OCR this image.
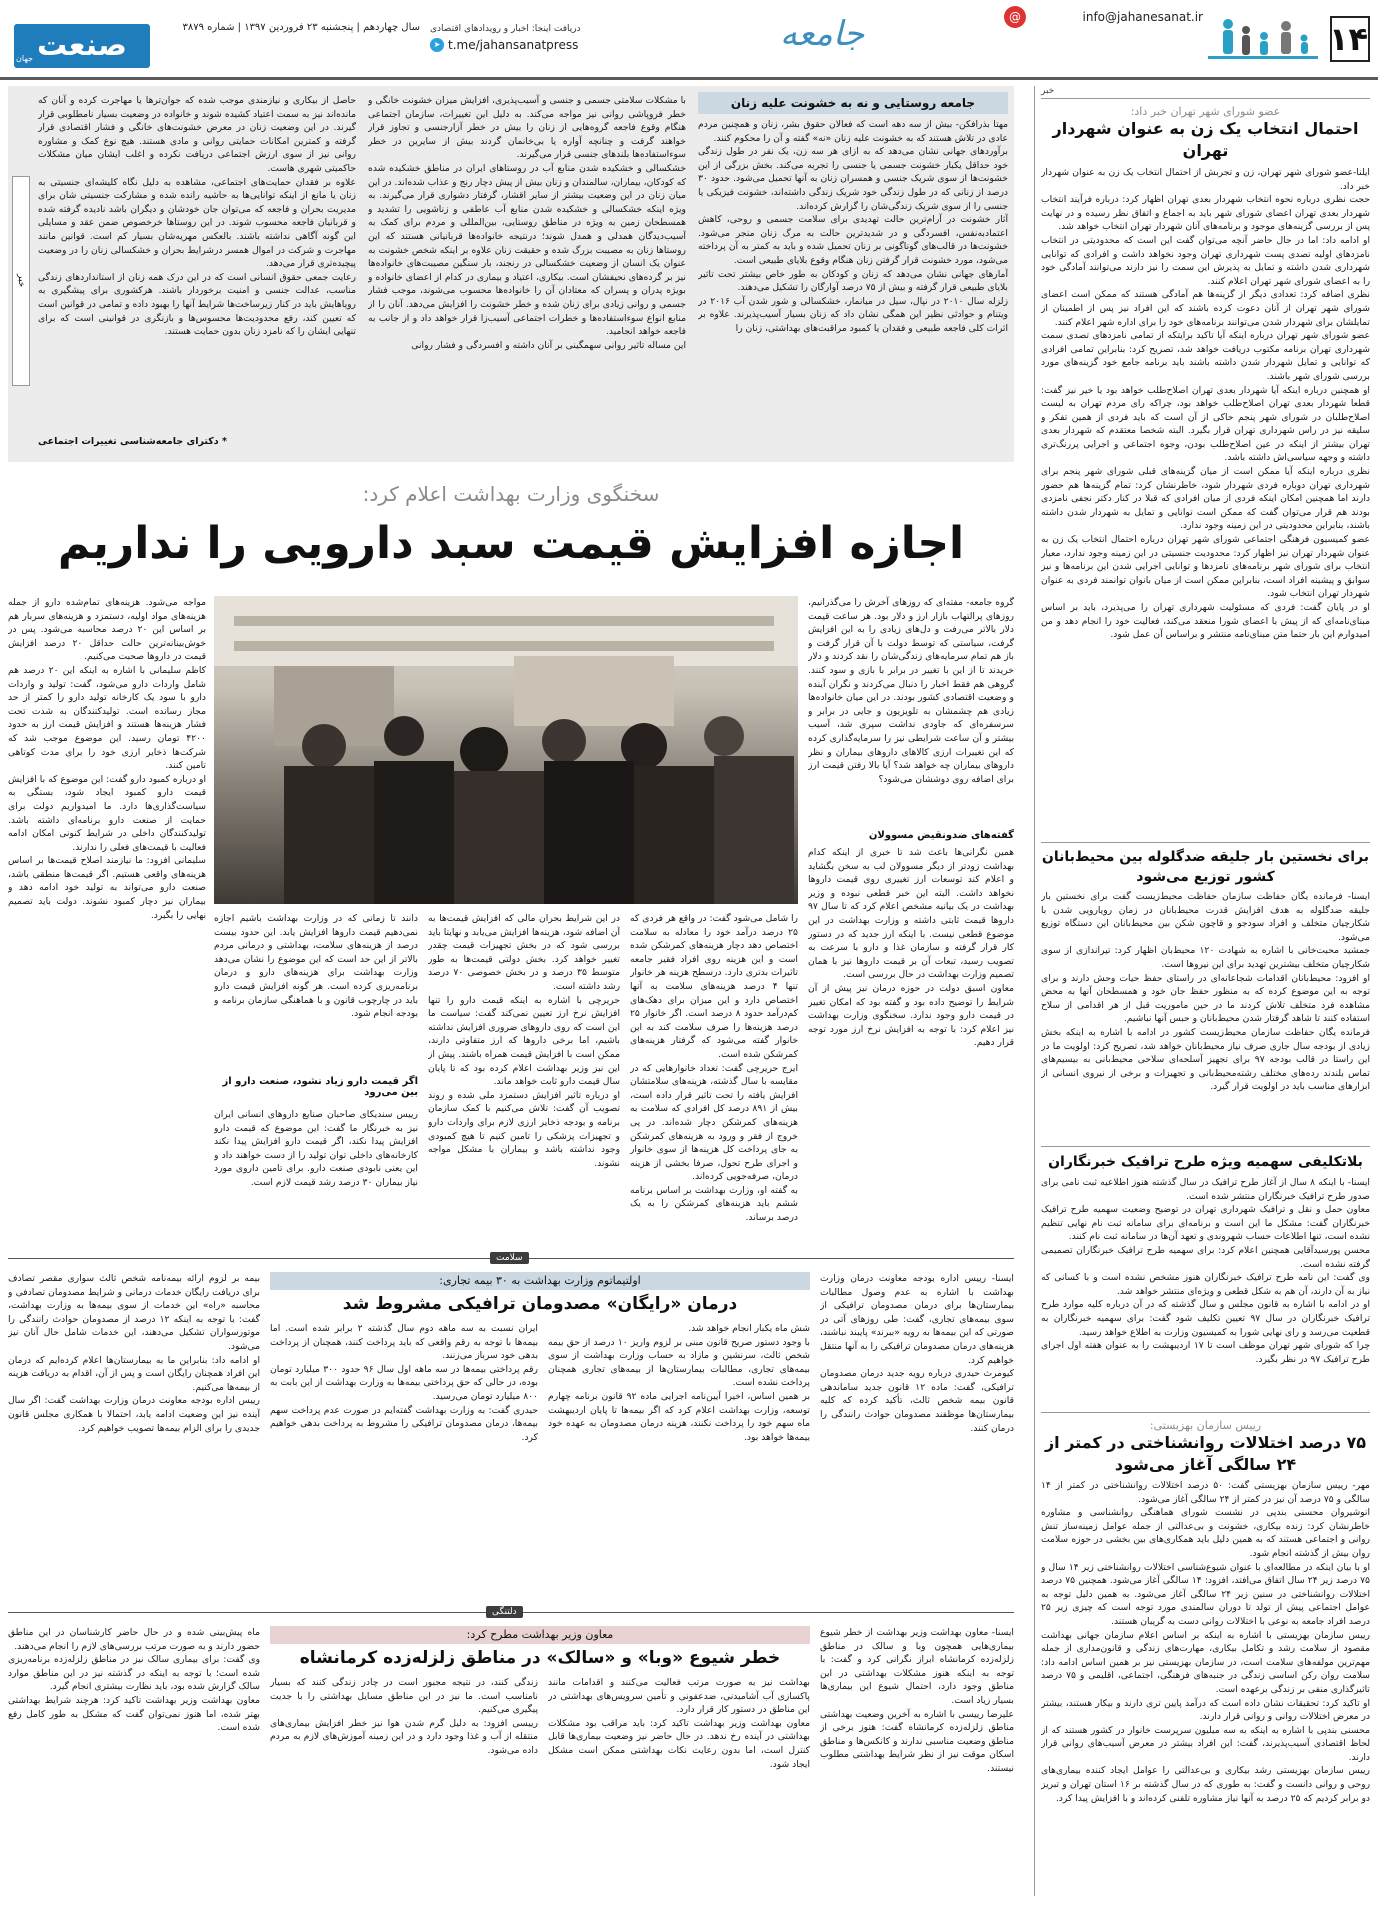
۱۴
info@jahanesanat.ir
@
جامعه
دریافت اینجا: اخبار و رویدادهای اقتصادی
t.me/jahansanatpress
➤
سال چهاردهم | پنجشنبه ۲۳ فروردین ۱۳۹۷ | شماره ۳۸۷۹
صنعت
جهان
خبر
عضو شورای شهر تهران خبر داد:
احتمال انتخاب یک زن به عنوان شهردار تهران
ایلنا-عضو شورای شهر تهران، زن و تجربش از احتمال انتخاب یک زن به عنوان شهردار خبر داد.
حجت نظری درباره نحوه انتخاب شهردار بعدی تهران اظهار کرد: درباره فرآیند انتخاب شهردار بعدی تهران اعضای شورای شهر باید به اجماع و اتفاق نظر رسیده و در نهایت پس از بررسی گزینه‌های موجود و برنامه‌های آنان شهردار تهران انتخاب خواهد شد.
او ادامه داد: اما در حال حاضر آنچه می‌توان گفت این است که محدودیتی در انتخاب نامزدهای اولیه تصدی پست شهرداری تهران وجود نخواهد داشت و افرادی که توانایی شهرداری شدن داشته و تمایل به پذیرش این سمت را نیز دارند می‌توانند آمادگی خود را به اعضای شورای شهر تهران اعلام کنند.
نظری اضافه کرد: تعدادی دیگر از گزینه‌ها هم آمادگی هستند که ممکن است اعضای شورای شهر تهران از آنان دعوت کرده باشند که این افراد نیز پس از اطمینان از تمایلشان برای شهردار شدن می‌توانند برنامه‌های خود را برای اداره شهر اعلام کنند.
عضو شورای شهر تهران درباره اینکه آیا تاکید برایتکه از تمامی نامزدهای تصدی سمت شهرداری تهران برنامه مکتوب دریافت خواهد شد، تصریح کرد: بنابراین تمامی افرادی که توانایی و تمایل شهردار شدن داشته باشند باید برنامه جامع خود گزینه‌های مورد بررسی شورای شهر باشند.
او همچنین درباره اینکه آیا شهردار بعدی تهران اصلاح‌طلب خواهد بود یا خیر نیز گفت: قطعا شهردار بعدی تهران اصلاح‌طلب خواهد بود، چراکه رای مردم تهران به لیست اصلاح‌طلبان در شورای شهر پنجم حاکی از آن است که باید فردی از همین تفکر و سلیقه نیز در راس شهرداری تهران قرار بگیرد. البته شخصا معتقدم که شهردار بعدی تهران بیشتر از اینکه در عین اصلاح‌طلب بودن، وجوه اجتماعی و اجرایی پررنگ‌تری داشته و وجهه سیاسی‌اش داشته باشد.
نظری درباره اینکه آیا ممکن است از میان گزینه‌های قبلی شورای شهر پنجم برای شهرداری تهران دوباره فردی شهردار شود، خاطرنشان کرد: تمام گزینه‌ها هم حضور دارند اما همچنین امکان اینکه فردی از میان افرادی که قبلا در کنار دکتر نجفی نامزدی بودند هم قرار می‌توان گفت که ممکن است توانایی و تمایل به شهردار شدن داشته باشند، بنابراین محدودیتی در این زمینه وجود ندارد.
عضو کمیسیون فرهنگی اجتماعی شورای شهر تهران درباره احتمال انتخاب یک زن به عنوان شهردار تهران نیز اظهار کرد: محدودیت جنسیتی در این زمینه وجود ندارد، معیار انتخاب برای شورای شهر برنامه‌های نامزدها و توانایی اجرایی شدن این برنامه‌ها و نیز سوابق و پیشینه افراد است، بنابراین ممکن است از میان بانوان توانمند فردی به عنوان شهردار تهران انتخاب شود.
او در پایان گفت: فردی که مسئولیت شهرداری تهران را می‌پذیرد، باید بر اساس مبنای‌نامه‌ای که از پیش با اعضای شورا منعقد می‌کند، فعالیت خود را انجام دهد و من امیدوارم این بار حتما متن مبنای‌نامه منتشر و براساس آن عمل شود.
برای نخستین بار جلیقه ضدگلوله بین محیط‌بانان کشور توزیع می‌شود
ایسنا- فرمانده یگان حفاظت سازمان حفاظت محیط‌زیست گفت برای نخستین بار جلیقه ضدگلوله به هدف افزایش قدرت محیط‌بانان در زمان رویارویی شدن با شکارچیان متخلف و افراد سودجو و قاچون شکن بین محیط‌بانان این دستگاه توزیع می‌شود.
جمشید محبت‌خانی با اشاره به شهادت ۱۲۰ محیط‌بان اظهار کرد: تیراندازی از سوی شکارچیان متخلف بیشترین تهدید برای این نیروها است.
او افزود: محیط‌بانان اقدامات شجاعانه‌ای در راستای حفظ حیات وحش دارند و برای توجه به این موضوع کرده که به منظور حفظ جان خود و همسطحان آنها به محض مشاهده فرد متخلف تلاش کردند ما در حین ماموریت قبل از هر اقدامی از سلاح استفاده کنند تا شاهد گرفتار شدن محیط‌بانان و حبس آنها نباشیم.
فرمانده یگان حفاظت سازمان محیط‌زیست کشور در ادامه با اشاره به اینکه بخش زیادی از بودجه سال جاری صرف نیاز محیط‌بانان خواهد شد، تصریح کرد: اولویت ما در این راستا در قالب بودجه ۹۷ برای تجهیز آسلحه‌ای سلاحی محیط‌بانی به بیسیم‌های تماس بلندند رده‌های مختلف رشته‌محیط‌بانی و تجهیزات و برخی از نیروی انسانی از ابزارهای مناسب باید در اولویت قرار گیرد.
بلاتکلیفی سهمیه ویژه طرح ترافیک خبرنگاران
ایسنا- با اینکه ۸ سال از آغاز طرح ترافیک در سال گذشته هنوز اطلاعیه ثبت نامی برای صدور طرح ترافیک خبرنگاران منتشر شده است.
معاون حمل و نقل و ترافیک شهرداری تهران در توضیح وضعیت سهمیه طرح ترافیک خبرنگاران گفت: مشکل ما این است و برنامه‌ای برای سامانه ثبت نام نهایی تنظیم نشده است، تنها اطلاعات حساب شهروندی و تعهد آن‌ها در سامانه ثبت نام کنند.
محسن پورسیدآقایی همچنین اعلام کرد: برای سهمیه طرح ترافیک خبرنگاران تصمیمی گرفته نشده است.
وی گفت: این نامه طرح ترافیک خبرنگاران هنوز مشخص نشده است و با کسانی که نیاز به آن دارند، آن هم به شکل قطعی و ویژه‌ای منتشر خواهد شد.
او در ادامه با اشاره به قانون مجلس و سال گذشته که در آن درباره کلیه موارد طرح ترافیک خبرنگاران در سال ۹۷ تعیین تکلیف شود گفت: برای سهمیه خبرنگاران به قطعیت می‌رسد و رای نهایی شورا به کمیسیون وزارت به اطلاع خواهد رسید.
چرا که شورای شهر تهران موظف است تا ۱۷ اردیبهشت را به عنوان هفته اول اجرای طرح ترافیک ۹۷ در نظر بگیرد.
رییس سازمان بهزیستی:
۷۵ درصد اختلالات روانشناختی در کمتر از ۲۴ سالگی آغاز می‌شود
مهر- رییس سازمان بهزیستی گفت: ۵۰ درصد اختلالات روانشناختی در کمتر از ۱۴ سالگی و ۷۵ درصد آن نیز در کمتر از ۲۴ سالگی آغاز می‌شود.
انوشیروان محسنی بندپی در نشست شورای هماهنگی روانشناسی و مشاوره خاطرنشان کرد: زنده بیکاری، خشونت و بی‌عدالتی از جمله عوامل زمینه‌ساز تنش روانی و اجتماعی هستند که به همین دلیل باید همکاری‌های بین بخشی در حوزه سلامت روان بیش از گذشته انجام شود.
او با بیان اینکه در مطالعه‌ای با عنوان شیوع‌شناسی اختلالات روانشناختی زیر ۱۴ سال و ۷۵ درصد زیر ۲۴ سال اتفاق می‌افتد، افزود: ۱۴ سالگی آغاز می‌شود. همچنین ۷۵ درصد اختلالات روانشناختی در سنین زیر ۲۴ سالگی آغاز می‌شود. به همین دلیل توجه به عوامل اجتماعی پیش از تولد تا دوران سالمندی مورد توجه است که چیزی زیر ۲۵ درصد افراد جامعه به نوعی با اختلالات روانی دست به گریبان هستند.
رییس سازمان بهزیستی با اشاره به اینکه بر اساس اعلام سازمان جهانی بهداشت مقصود از سلامت رشد و تکامل بیکاری، مهارت‌های زندگی و قانون‌مداری از جمله مهم‌ترین مولفه‌های سلامت است، در سازمان بهزیستی نیز بر همین اساس ادامه داد: سلامت روان رکن اساسی زندگی در جنبه‌های فرهنگی، اجتماعی، اقلیمی و ۷۵ درصد تاثیرگذاری منفی بر زندگی برعهده است.
او تاکید کرد: تحقیقات نشان داده است که درآمد پایین تری دارند و بیکار هستند، بیشتر در معرض اختلالات روانی و روانی قرار دارند.
محسنی بندپی با اشاره به اینکه به سه میلیون سرپرست خانوار در کشور هستند که از لحاظ اقتصادی آسیب‌پذیرند، گفت: این افراد بیشتر در معرض آسیب‌های روانی قرار دارند.
رییس سازمان بهزیستی رشد بیکاری و بی‌عدالتی را عوامل ایجاد کننده بیماری‌های روحی و روانی دانست و گفت: به طوری که در سال گذشته بر ۱۶ استان تهران و تبریز دو برابر کردیم که ۲۵ درصد به آنها نیاز مشاوره تلفنی کرده‌اند و با افزایش پیدا کرد.
جامعه روستایی و نه به خشونت علیه زنان
مهتا بذرافکن- بیش از سه دهه است که فعالان حقوق بشر، زنان و همچنین مردم عادی در تلاش هستند که به خشونت علیه زنان «نه» گفته و آن را محکوم کنند.
برآوردهای جهانی نشان می‌دهد که به ازای هر سه زن، یک نفر در طول زندگی خود حداقل یکبار خشونت جسمی یا جنسی را تجربه می‌کند. بخش بزرگی از این خشونت‌ها از سوی شریک جنسی و همسران زنان به آنها تحمیل می‌شود. حدود ۳۰ درصد از زنانی که در طول زندگی خود شریک زندگی داشته‌اند، خشونت فیزیکی یا جنسی را از سوی شریک زندگی‌شان را گزارش کرده‌اند.
آثار خشونت در آرام‌ترین حالت تهدیدی برای سلامت جسمی و روحی، کاهش اعتمادبه‌نفس، افسردگی و در شدیدترین حالت به مرگ زنان منجر می‌شود. خشونت‌ها در قالب‌های گوناگونی بر زنان تحمیل شده و باید به کمتر به آن پرداخته می‌شود، مورد خشونت قرار گرفتن زنان هنگام وقوع بلایای طبیعی است.
آمارهای جهانی نشان می‌دهد که زنان و کودکان به طور خاص بیشتر تحت تاثیر بلایای طبیعی قرار گرفته و بیش از ۷۵ درصد آوارگان را تشکیل می‌دهند.
زلزله سال ۲۰۱۰ در نپال، سیل در میانمار، خشکسالی و شور شدن آب ۲۰۱۶ در ویتنام و حوادثی نظیر این همگی نشان داد که زنان بسیار آسیب‌پذیرند. علاوه بر اثرات کلی فاجعه طبیعی و فقدان یا کمبود مراقبت‌های بهداشتی، زنان را
با مشکلات سلامتی جسمی و جنسی و آسیب‌پذیری، افزایش میزان خشونت خانگی و خطر فروپاشی روانی نیز مواجه می‌کند. به دلیل این تغییرات، سازمان اجتماعی هنگام وقوع فاجعه گروه‌هایی از زنان را بیش در خطر آزارجنسی و تجاوز قرار خواهند گرفت و چنانچه آواره یا بی‌خانمان گردند بیش از سایرین در خطر سوءاستفاده‌ها بلندهای جنسی قرار می‌گیرند.
خشکسالی و خشکیده شدن منابع آب در روستاهای ایران در مناطق خشکیده شده که کودکان، بیماران، سالمندان و زنان بیش از پیش دچار رنج و عذاب شده‌اند. در این میان زنان در این وضعیت بیشتر از سایر اقشار، گرفتار دشواری قرار می‌گیرند. به ویژه اینکه خشکسالی و خشکیده شدن منابع آب عاطفی و زناشویی را تشدید و همسطحان زمین به ویژه در مناطق روستایی، بین‌المللی و مردم برای کمک به آسیب‌دیدگان همدلی و همدل شوند؛ درنتیجه خانواده‌ها قربانیانی هستند که این روستاها زنان به مصیبت بزرگ شده و حقیقت زنان علاوه بر اینکه شخص خشونت به عنوان یک انسان از وضعیت خشکسالی در رنجند، بار سنگین مصیبت‌های خانواده‌ها نیز بر گرده‌های نحیفشان است. بیکاری، اعتیاد و بیماری در کدام از اعضای خانواده و بویژه پدران و پسران که معتادان آن را خانواده‌ها محسوب می‌شوند، موجب فشار جسمی و روانی زیادی برای زنان شده و خطر خشونت را افزایش می‌دهد. آنان را از منابع انواع سوءاستفاده‌ها و خطرات اجتماعی آسیب‌زا قرار خواهد داد و از جانب به فاجعه خواهد انجامید.
این مساله تاثیر روانی سهمگینی بر آنان داشته و افسردگی و فشار روانی
حاصل از بیکاری و نیازمندی موجب شده که جوان‌ترها یا مهاجرت کرده و آنان که مانده‌اند نیز به سمت اعتیاد کشیده شوند و خانواده در وضعیت بسیار نامطلوبی قرار گیرند. در این وضعیت زنان در معرض خشونت‌های خانگی و فشار اقتصادی قرار گرفته و کمترین امکانات حمایتی روانی و مادی هستند. هیچ نوع کمک و مشاوره روانی نیز از سوی ارزش اجتماعی دریافت نکرده و اغلب ایشان میان مشکلات حاکمیتی شهری هاست.
علاوه بر فقدان حمایت‌های اجتماعی، مشاهده به دلیل نگاه کلیشه‌ای جنسیتی به زنان یا مانع از اینکه توانایی‌ها به حاشیه رانده شده و مشارکت جنسیتی شان برای مدیریت بحران و فاجعه که می‌توان جان خودشان و دیگران باشد نادیده گرفته شده و قربانیان فاجعه محسوب شوند. در این روستاها خرخصوص ضمن عقد و مسایلی این گونه آگاهی نداشته باشند. بالعکس مهریه‌شان بسیار کم است. قوانین مانند مهاجرت و شرکت در اموال همسر درشرایط بحران و خشکسالی زنان را در وضعیت پیچیده‌تری قرار می‌دهد.
رعایت جمعی حقوق انسانی است که در این درک همه زنان از استانداردهای زندگی مناسب، عدالت جنسی و امنیت برخوردار باشند. هرکشوری برای پیشگیری به رویاهایش باید در کنار زیرساخت‌ها شرایط آنها را بهبود داده و تمامی در قوانین است که تعیین کند، رفع محدودیت‌ها محسوس‌ها و بازنگری در قوانینی است که برای تنهایی ایشان را که نامزد زنان بدون حمایت هستند.
* دکترای جامعه‌شناسی تغییرات اجتماعی
خبر
سخنگوی وزارت بهداشت اعلام کرد:
اجازه افزایش قیمت سبد دارویی را نداریم
گروه جامعه- مفته‌ای که روزهای آخرش را می‌گذرانیم، روزهای پرالتهاب بازار ارز و دلار بود. هر ساعت قیمت دلار بالاتر می‌رفت و دل‌های زیادی را به این افزایش گرفت، سیاستی که توسط دولت با آن قرار گرفت و باز هم تمام سرمایه‌های زندگی‌شان را نقد کردند و دلار خریدند تا از این با تغییر در برابر با بازی و سود کنند. گروهی هم فقط اخبار را دنبال می‌کردند و نگران آینده و وضعیت اقتصادی کشور بودند. در این میان خانواده‌ها زیادی هم چشمشان به تلویزیون و جایی در برابر و سرسفره‌ای که جاودی نداشت سپری شد، آسیب بیشتر و آن ساعت شرایطی نیز را سرمایه‌گذاری کرده که این تغییرات ارزی کالاهای داروهای بیماران و نظر داروهای بیماران چه خواهد شد؟ آیا بالا رفتن قیمت ارز برای اضافه روی دوششان می‌شود؟
گفته‌های ضدونقیض مسوولان
همین نگرانی‌ها باعث شد تا خبری از اینکه کدام بهداشت زودتر از دیگر مسوولان لب به سخن بگشاید و اعلام کند توسعات ارز تغییری روی قیمت داروها نخواهد داشت. البته این خبر قطعی نبوده و وزیر بهداشت در یک بیانیه مشخص اعلام کرد که تا سال ۹۷ داروها قیمت ثابتی داشته و وزارت بهداشت در این موضوع قطعی نیست. با اینکه ارز جدید که در دستور کار قرار گرفته و سازمان غذا و دارو با سرعت به تصویب رسید، تبعات آن بر قیمت داروها نیز با همان تصمیم وزارت بهداشت در حال بررسی است.
معاون اسبق دولت در حوزه درمان نیز پیش از آن شرایط را توضیح داده بود و گفته بود که امکان تغییر در قیمت دارو وجود ندارد. سخنگوی وزارت بهداشت نیز اعلام کرد: با توجه به افزایش نرخ ارز مورد توجه قرار دهیم.
را شامل می‌شود گفت: در واقع هر فردی که ۲۵ درصد درآمد خود را معادله به سلامت اختصاص دهد دچار هزینه‌های کمرشکن شده است و این هزینه روی افراد فقیر جامعه تاثیرات بدتری دارد. درسطح هزینه هر خانوار تنها ۴ درصد هزینه‌های سلامت به آنها اختصاص دارد و این میزان برای دهک‌های کم‌درآمد حدود ۸ درصد است. اگر خانوار ۲۵ درصد هزینه‌ها را صرف سلامت کند به این خانوار گفته می‌شود که گرفتار هزینه‌های کمرشکن شده است.
ایرج حریرچی گفت: تعداد خانوارهایی که در مقایسه با سال گذشته، هزینه‌های سلامتشان افزایش یافته را تحت تاثیر قرار داده است، بیش از ۸۹۱ درصد کل افرادی که سلامت به هزینه‌های کمرشکن دچار شده‌اند. در پی خروج از فقر و ورود به هزینه‌های کمرشکن به جای پرداخت کل هزینه‌ها از سوی خانوار و اجرای طرح تحول، صرفا بخشی از هزینه درمان، صرفه‌جویی کرده‌اند.
به گفته او، وزارت بهداشت بر اساس برنامه ششم باید هزینه‌های کمرشکن را به یک درصد برساند.
در این شرایط بحران مالی که افزایش قیمت‌ها به آن اضافه شود، هزینه‌ها افزایش می‌یابد و نهایتا باید بررسی شود که در بخش تجهیزات قیمت چقدر تغییر خواهد کرد. بخش دولتی قیمت‌ها به طور متوسط ۳۵ درصد و در بخش خصوصی ۷۰ درصد رشد داشته است.
حریرچی با اشاره به اینکه قیمت دارو را تنها افزایش نرخ ارز تعیین نمی‌کند گفت: سیاست ما این است که روی داروهای ضروری افزایش نداشته باشیم، اما برخی داروها که ارز متفاوتی دارند، ممکن است با افزایش قیمت همراه باشند. پیش از این نیز وزیر بهداشت اعلام کرده بود که تا پایان سال قیمت دارو ثابت خواهد ماند.
او درباره تاثیر افزایش دستمزد ملی شده و روند تصویب آن گفت: تلاش می‌کنیم با کمک سازمان برنامه و بودجه ذخایر ارزی لازم برای واردات دارو و تجهیزات پزشکی را تامین کنیم تا هیچ کمبودی وجود نداشته باشد و بیماران با مشکل مواجه نشوند.
دانند تا زمانی که در وزارت بهداشت باشیم اجازه نمی‌دهیم قیمت داروها افزایش یابد. این حدود بیست درصد از هزینه‌های سلامت، بهداشتی و درمانی مردم بالاتر از این حد است که این موضوع را نشان می‌دهد وزارت بهداشت برای هزینه‌های دارو و درمان برنامه‌ریزی کرده است. هر گونه افزایش قیمت دارو باید در چارچوب قانون و با هماهنگی سازمان برنامه و بودجه انجام شود.
اگر قیمت دارو زیاد نشود، صنعت دارو از بین می‌رود
رییس سندیکای صاحبان صنایع داروهای انسانی ایران نیز به خبرنگار ما گفت: این موضوع که قیمت دارو افزایش پیدا نکند، اگر قیمت دارو افزایش پیدا نکند کارخانه‌های داخلی توان تولید را از دست خواهند داد و این یعنی نابودی صنعت دارو. برای تامین داروی مورد نیاز بیماران ۳۰ درصد رشد قیمت لازم است.
مواجه می‌شود. هزینه‌های تمام‌شده دارو از جمله هزینه‌های مواد اولیه، دستمزد و هزینه‌های سربار هم بر اساس این ۲۰ درصد محاسبه می‌شود. پس در خوش‌بینانه‌ترین حالت حداقل ۲۰ درصد افزایش قیمت در داروها صحبت می‌کنیم.
کاظم سلیمانی با اشاره به اینکه این ۲۰ درصد هم شامل واردات دارو می‌شود، گفت: تولید و واردات دارو با سود یک کارخانه تولید دارو را کمتر از حد مجاز رسانده است. تولیدکنندگان به شدت تحت فشار هزینه‌ها هستند و افزایش قیمت ارز به حدود ۴۲۰۰ تومان رسید. این موضوع موجب شد که شرکت‌ها ذخایر ارزی خود را برای مدت کوتاهی تامین کنند.
او درباره کمبود دارو گفت: این موضوع که با افزایش قیمت دارو کمبود ایجاد شود، بستگی به سیاست‌گذاری‌ها دارد. ما امیدواریم دولت برای حمایت از صنعت دارو برنامه‌ای داشته باشد. تولیدکنندگان داخلی در شرایط کنونی امکان ادامه فعالیت با قیمت‌های فعلی را ندارند.
سلیمانی افزود: ما نیازمند اصلاح قیمت‌ها بر اساس هزینه‌های واقعی هستیم. اگر قیمت‌ها منطقی باشد، صنعت دارو می‌تواند به تولید خود ادامه دهد و بیماران نیز دچار کمبود نشوند. دولت باید تصمیم نهایی را بگیرد.
سلامت
اولتیماتوم وزارت بهداشت به ۳۰ بیمه تجاری:
درمان «رایگان» مصدومان ترافیکی مشروط شد
ایسنا- رییس اداره بودجه معاونت درمان وزارت بهداشت با اشاره به عدم وصول مطالبات بیمارستان‌ها برای درمان مصدومان ترافیکی از سوی بیمه‌های تجاری، گفت: طی روزهای آتی در صورتی که این بیمه‌ها به رویه «ببرند» پایبند نباشند، هزینه‌های درمان مصدومان ترافیکی را به آنها منتقل خواهیم کرد.
کیومرث حیدری درباره رویه جدید درمان مصدومان ترافیکی، گفت: ماده ۱۲ قانون جدید ساماندهی قانون بیمه شخص ثالث، تأکید کرده که کلیه بیمارستان‌ها موظفند مصدومان حوادث رانندگی را درمان کنند.
شش ماه یکبار انجام خواهد شد.
با وجود دستور صریح قانون مبنی بر لزوم واریز ۱۰ درصد از حق بیمه شخص ثالث، سرنشین و مازاد به حساب وزارت بهداشت از سوی بیمه‌های تجاری، مطالبات بیمارستان‌ها از بیمه‌های تجاری همچنان پرداخت نشده است.
بر همین اساس، اخیرا آیین‌نامه اجرایی ماده ۹۲ قانون برنامه چهارم توسعه، وزارت بهداشت اعلام کرد که اگر بیمه‌ها تا پایان اردیبهشت ماه سهم خود را پرداخت نکنند، هزینه درمان مصدومان به عهده خود بیمه‌ها خواهد بود.
ایران نسبت به سه ماهه دوم سال گذشته ۲ برابر شده است. اما بیمه‌ها با توجه به رقم واقعی که باید پرداخت کنند، همچنان از پرداخت بدهی خود سرباز می‌زنند.
رقم پرداختی بیمه‌ها در سه ماهه اول سال ۹۶ حدود ۳۰۰ میلیارد تومان بوده، در حالی که حق پرداختی بیمه‌ها به وزارت بهداشت از این بابت به ۸۰۰ میلیارد تومان می‌رسید.
حیدری گفت: به وزارت بهداشت گفته‌ایم در صورت عدم پرداخت سهم بیمه‌ها، درمان مصدومان ترافیکی را مشروط به پرداخت بدهی خواهیم کرد.
بیمه بر لزوم ارائه بیمه‌نامه شخص ثالث سواری مقصر تصادف برای دریافت رایگان خدمات درمانی و شرایط مصدومان تصادفی و محاسبه «راه» این خدمات از سوی بیمه‌ها به وزارت بهداشت، گفت: با توجه به اینکه ۱۲ درصد از مصدومان حوادث رانندگی را موتورسواران تشکیل می‌دهند، این خدمات شامل حال آنان نیز می‌شود.
او ادامه داد: بنابراین ما به بیمارستان‌ها اعلام کرده‌ایم که درمان این افراد همچنان رایگان است و پس از آن، اقدام به دریافت هزینه از بیمه‌ها می‌کنیم.
رییس اداره بودجه معاونت درمان وزارت بهداشت گفت: اگر سال آینده نیز این وضعیت ادامه یابد، احتمالا با همکاری مجلس قانون جدیدی را برای الزام بیمه‌ها تصویب خواهیم کرد.
دلتنگی
معاون وزیر بهداشت مطرح کرد:
خطر شیوع «وبا» و «سالک» در مناطق زلزله‌زده کرمانشاه
ایسنا- معاون بهداشت وزیر بهداشت از خطر شیوع بیماری‌هایی همچون وبا و سالک در مناطق زلزله‌زده کرمانشاه ابراز نگرانی کرد و گفت: با توجه به اینکه هنوز مشکلات بهداشتی در این مناطق وجود دارد، احتمال شیوع این بیماری‌ها بسیار زیاد است.
علیرضا رییسی با اشاره به آخرین وضعیت بهداشتی مناطق زلزله‌زده کرمانشاه گفت: هنوز برخی از مناطق وضعیت مناسبی ندارند و کانکس‌ها و مناطق اسکان موقت نیز از نظر شرایط بهداشتی مطلوب نیستند.
بهداشت نیز به صورت مرتب فعالیت می‌کنند و اقدامات مانند پاکسازی آب آشامیدنی، ضدعفونی و تأمین سرویس‌های بهداشتی در این مناطق در دستور کار قرار دارد.
معاون بهداشت وزیر بهداشت تاکید کرد: باید مراقب بود مشکلات بهداشتی در آینده رخ ندهد. در حال حاضر نیز وضعیت بیماری‌ها قابل کنترل است، اما بدون رعایت نکات بهداشتی ممکن است مشکل ایجاد شود.
زندگی کنند، در نتیجه مجبور است در چادر زندگی کنند که بسیار نامناسب است. ما نیز در این مناطق مسایل بهداشتی را با جدیت پیگیری می‌کنیم.
رییسی افزود: به دلیل گرم شدن هوا نیز خطر افزایش بیماری‌های منتقله از آب و غذا وجود دارد و در این زمینه آموزش‌های لازم به مردم داده می‌شود.
ماه پیش‌بینی شده و در حال حاضر کارشناسان در این مناطق حضور دارند و به صورت مرتب بررسی‌های لازم را انجام می‌دهند.
وی گفت: برای بیماری سالک نیز در مناطق زلزله‌زده برنامه‌ریزی شده است؛ با توجه به اینکه در گذشته نیز در این مناطق موارد سالک گزارش شده بود، باید نظارت بیشتری انجام گیرد.
معاون بهداشت وزیر بهداشت تاکید کرد: هرچند شرایط بهداشتی بهتر شده، اما هنوز نمی‌توان گفت که مشکل به طور کامل رفع شده است.
